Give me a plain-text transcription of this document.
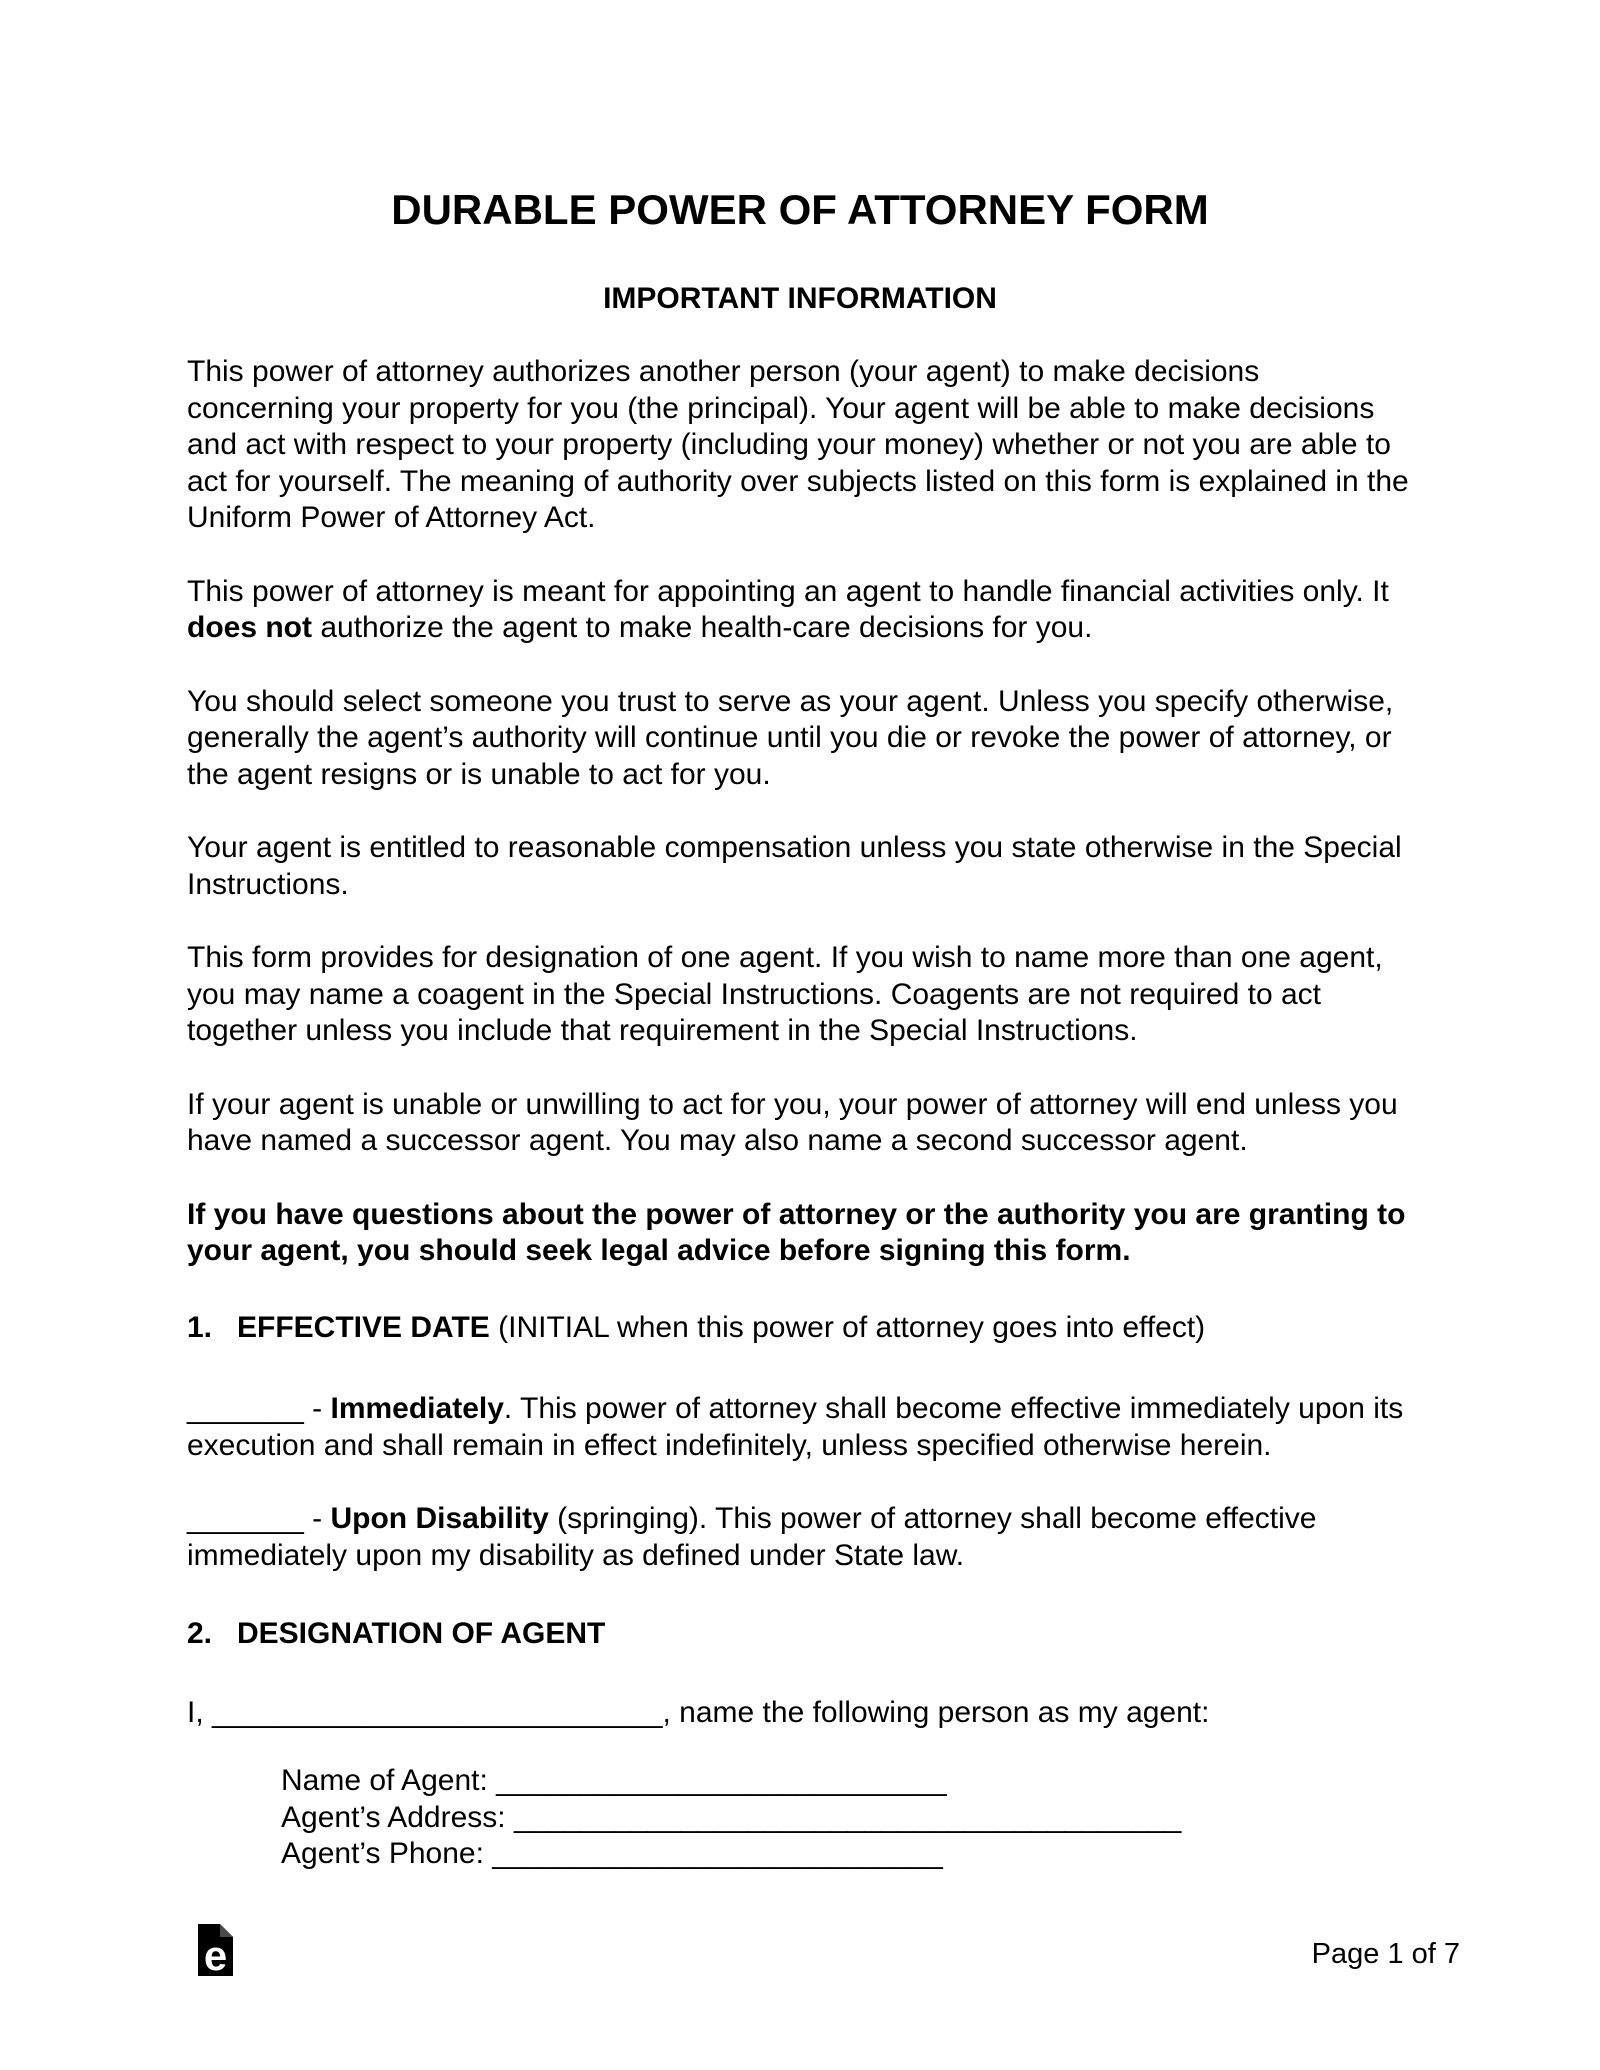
DURABLE POWER OF ATTORNEY FORM
IMPORTANT INFORMATION

This power of attorney authorizes another person (your agent) to make decisions concerning your property for you (the principal). Your agent will be able to make decisions and act with respect to your property (including your money) whether or not you are able to act for yourself. The meaning of authority over subjects listed on this form is explained in the Uniform Power of Attorney Act.

This power of attorney is meant for appointing an agent to handle financial activities only. It does not authorize the agent to make health-care decisions for you.

You should select someone you trust to serve as your agent. Unless you specify otherwise, generally the agent’s authority will continue until you die or revoke the power of attorney, or the agent resigns or is unable to act for you.

Your agent is entitled to reasonable compensation unless you state otherwise in the Special Instructions.

This form provides for designation of one agent. If you wish to name more than one agent, you may name a coagent in the Special Instructions. Coagents are not required to act together unless you include that requirement in the Special Instructions.

If your agent is unable or unwilling to act for you, your power of attorney will end unless you have named a successor agent. You may also name a second successor agent.

If you have questions about the power of attorney or the authority you are granting to your agent, you should seek legal advice before signing this form.

1. EFFECTIVE DATE (INITIAL when this power of attorney goes into effect)

_______ - Immediately. This power of attorney shall become effective immediately upon its execution and shall remain in effect indefinitely, unless specified otherwise herein.

_______ - Upon Disability (springing). This power of attorney shall become effective immediately upon my disability as defined under State law.

2. DESIGNATION OF AGENT

I, ___________________________, name the following person as my agent:

Name of Agent: ___________________________
Agent’s Address: ________________________________________
Agent’s Phone: ___________________________
e	Page 1 of 7
